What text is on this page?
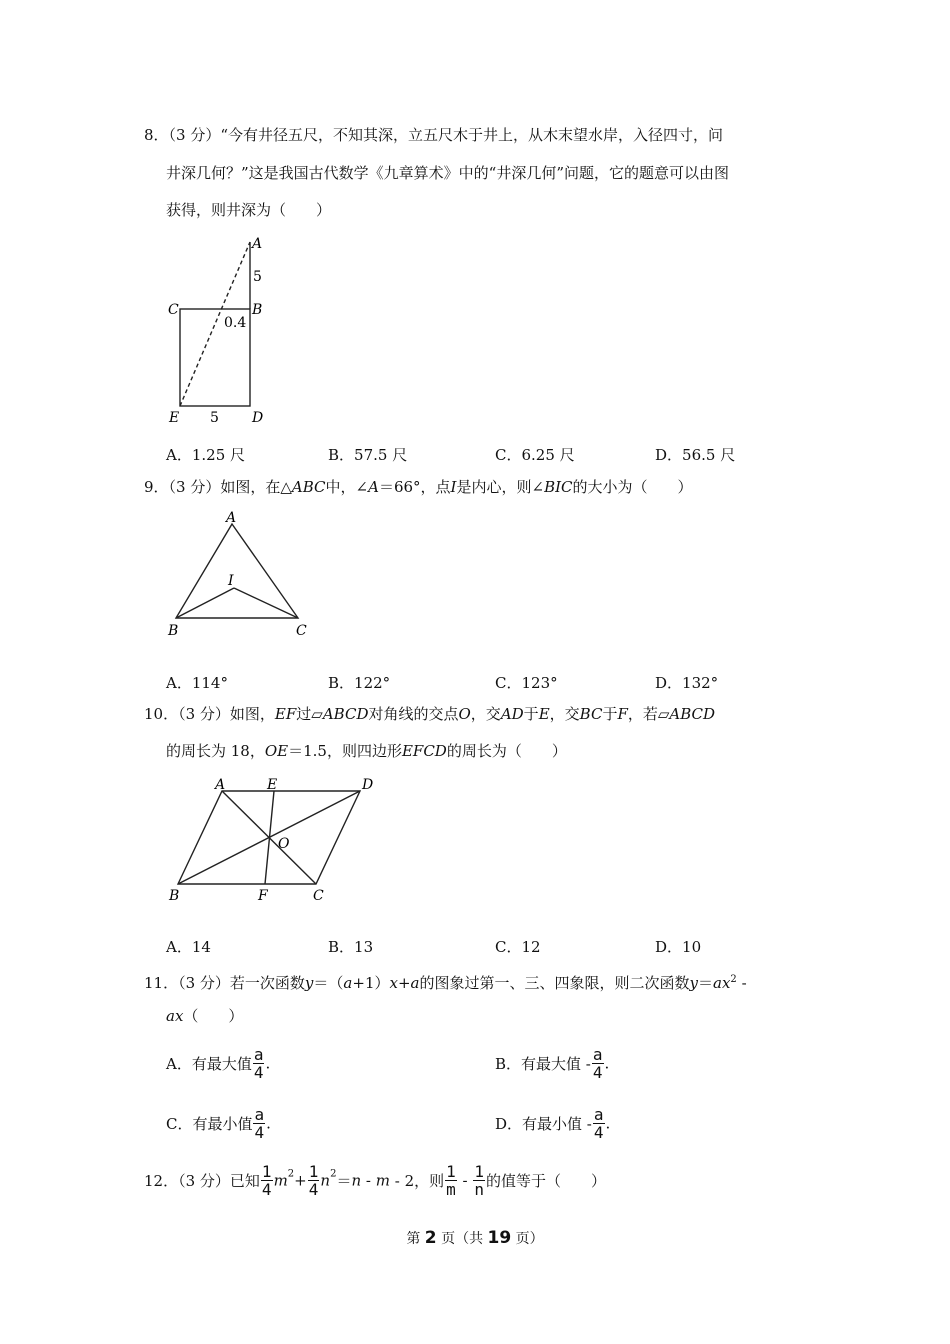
8．（3 分）“今有井径五尺，不知其深，立五尺木于井上，从木末望水岸，入径四寸，问
井深几何？”这是我国古代数学《九章算术》中的“井深几何”问题，它的题意可以由图
获得，则井深为（　　）
A
5
C	B
0.4
E 5 D
A．1.25 尺	B．57.5 尺	C．6.25 尺	D．56.5 尺
9．（3 分）如图，在△ABC中，∠A＝66°，点I是内心，则∠BIC的大小为（　　）
A
I
B	C
A．114°	B．122°	C．123°	D．132°
10．（3 分）如图，EF过▱ABCD对角线的交点O，交AD于E，交BC于F，若▱ABCD
的周长为 18，OE＝1.5，则四边形EFCD的周长为（　　）
A	E	D
O
B	F	C
A．14	B．13	C．12	D．10
11．（3 分）若一次函数y＝（a+1）x+a的图象过第一、三、四象限，则二次函数$y=ax^2$ -
ax（　　）
A．有最大值 $\frac{a}{4}$ .	B．有最大值 - $\frac{a}{4}$ .
C．有最小值 $\frac{a}{4}$ .	D．有最小值 - $\frac{a}{4}$ .
12．（3 分）已知 $\frac{1}{4} m^2+ \frac{1}{4} n^2=n - m - 2$，则 $\frac{1}{m} - \frac{1}{n}$ 的值等于（　　）
第 2 页（共 19 页）
